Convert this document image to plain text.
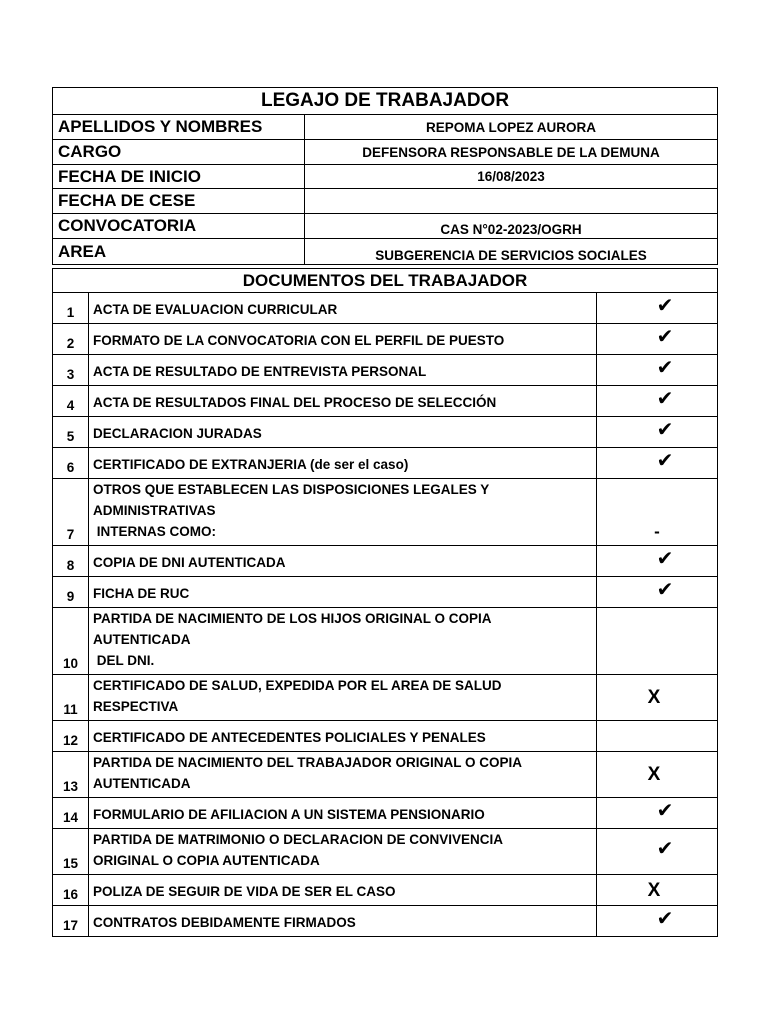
LEGAJO DE TRABAJADOR	
APELLIDOS Y NOMBRES	REPOMA LOPEZ AURORA
CARGO	DEFENSORA RESPONSABLE DE LA DEMUNA
FECHA DE INICIO	16/08/2023
FECHA DE CESE	
CONVOCATORIA	CAS N°02-2023/OGRH
AREA	SUBGERENCIA DE SERVICIOS SOCIALES
DOCUMENTOS DEL TRABAJADOR		
1	ACTA DE EVALUACION CURRICULAR	✔
2	FORMATO DE LA CONVOCATORIA CON EL PERFIL DE PUESTO	✔
3	ACTA DE RESULTADO DE ENTREVISTA PERSONAL	✔
4	ACTA DE RESULTADOS FINAL DEL PROCESO DE SELECCIÓN	✔
5	DECLARACION JURADAS	✔
6	CERTIFICADO DE EXTRANJERIA (de ser el caso)	✔
7	OTROS QUE ESTABLECEN LAS DISPOSICIONES LEGALES Y
ADMINISTRATIVAS
INTERNAS COMO:	-
8	COPIA DE DNI AUTENTICADA	✔
9	FICHA DE RUC	✔
10	PARTIDA DE NACIMIENTO DE LOS HIJOS ORIGINAL O COPIA
AUTENTICADA
DEL DNI.	

11	CERTIFICADO DE SALUD, EXPEDIDA POR EL AREA DE SALUD
RESPECTIVA	X
12	CERTIFICADO DE ANTECEDENTES POLICIALES Y PENALES	

13	PARTIDA DE NACIMIENTO DEL TRABAJADOR ORIGINAL O COPIA
AUTENTICADA	X
14	FORMULARIO DE AFILIACION A UN SISTEMA PENSIONARIO	✔
15	PARTIDA DE MATRIMONIO O DECLARACION DE CONVIVENCIA
ORIGINAL O COPIA AUTENTICADA	✔
16	POLIZA DE SEGUIR DE VIDA DE SER EL CASO	X
17	CONTRATOS DEBIDAMENTE FIRMADOS	✔
